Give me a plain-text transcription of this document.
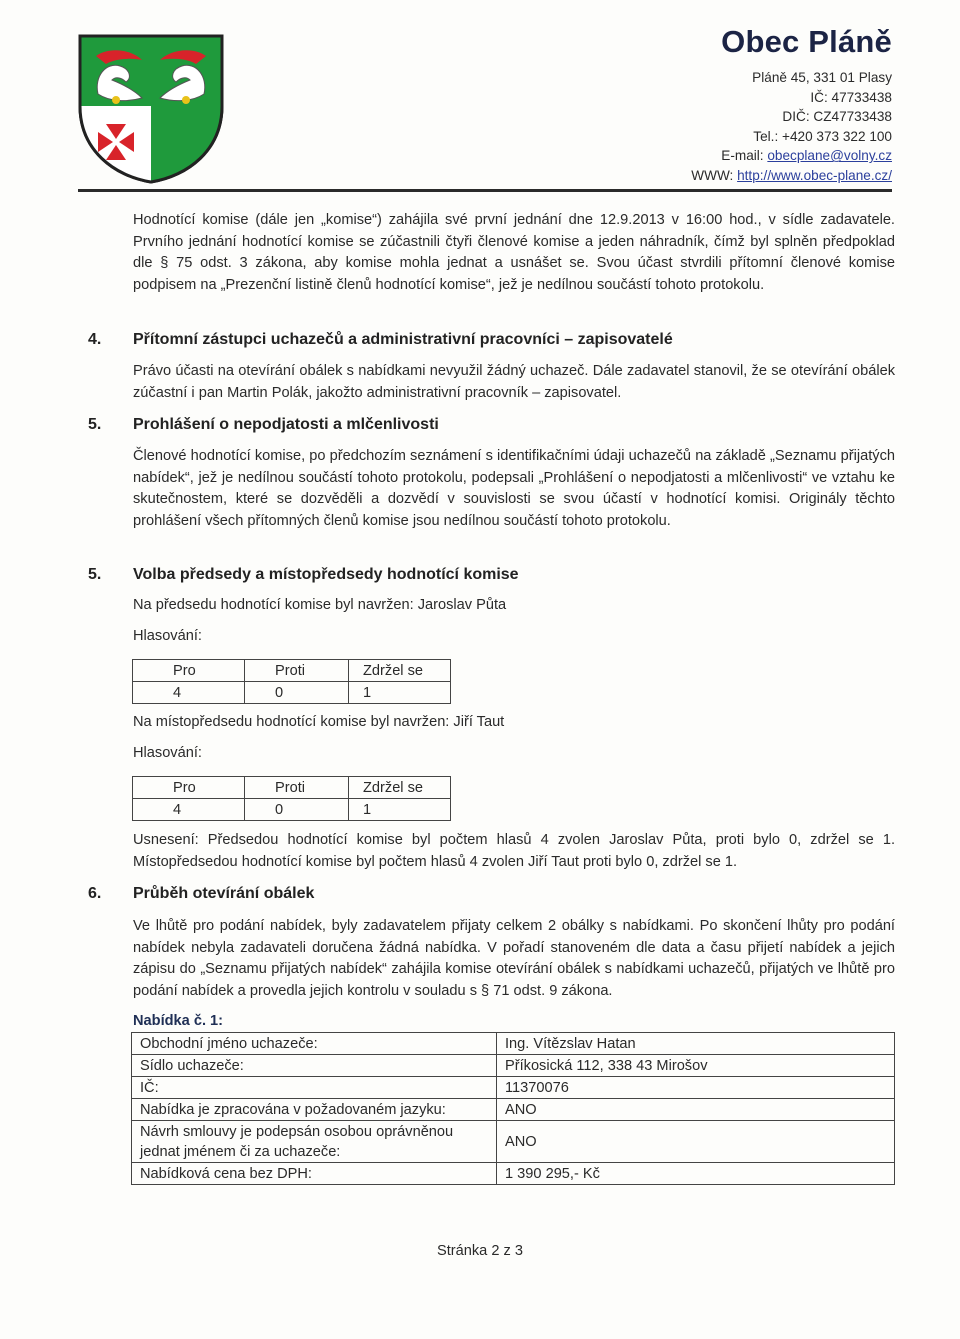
Obec Pláně
Pláně 45, 331 01 Plasy
IČ: 47733438
DIČ: CZ47733438
Tel.: +420 373 322 100
E-mail: obecplane@volny.cz
WWW: http://www.obec-plane.cz/
Hodnotící komise (dále jen „komise“) zahájila své první jednání dne 12.9.2013 v 16:00 hod., v sídle zadavatele. Prvního jednání hodnotící komise se zúčastnili čtyři členové komise a jeden náhradník, čímž byl splněn předpoklad dle § 75 odst. 3 zákona, aby komise mohla jednat a usnášet se. Svou účast stvrdili přítomní členové komise podpisem na „Prezenční listině členů hodnotící komise“, jež je nedílnou součástí tohoto protokolu.
4. Přítomní zástupci uchazečů a administrativní pracovníci – zapisovatelé
Právo účasti na otevírání obálek s nabídkami nevyužil žádný uchazeč. Dále zadavatel stanovil, že se otevírání obálek zúčastní i pan Martin Polák, jakožto administrativní pracovník – zapisovatel.
5. Prohlášení o nepodjatosti a mlčenlivosti
Členové hodnotící komise, po předchozím seznámení s identifikačními údaji uchazečů na základě „Seznamu přijatých nabídek“, jež je nedílnou součástí tohoto protokolu, podepsali „Prohlášení o nepodjatosti a mlčenlivosti“ ve vztahu ke skutečnostem, které se dozvěděli a dozvědí v souvislosti se svou účastí v hodnotící komisi. Originály těchto prohlášení všech přítomných členů komise jsou nedílnou součástí tohoto protokolu.
5. Volba předsedy a místopředsedy hodnotící komise
Na předsedu hodnotící komise byl navržen: Jaroslav Půta
Hlasování:
Pro	Proti	Zdržel se
4	0	1
Na místopředsedu hodnotící komise byl navržen: Jiří Taut
Hlasování:
Pro	Proti	Zdržel se
4	0	1
Usnesení: Předsedou hodnotící komise byl počtem hlasů 4 zvolen Jaroslav Půta, proti bylo 0, zdržel se 1. Místopředsedou hodnotící komise byl počtem hlasů 4 zvolen Jiří Taut proti bylo 0, zdržel se 1.
6. Průběh otevírání obálek
Ve lhůtě pro podání nabídek, byly zadavatelem přijaty celkem 2 obálky s nabídkami. Po skončení lhůty pro podání nabídek nebyla zadavateli doručena žádná nabídka. V pořadí stanoveném dle data a času přijetí nabídek a jejich zápisu do „Seznamu přijatých nabídek“ zahájila komise otevírání obálek s nabídkami uchazečů, přijatých ve lhůtě pro podání nabídek a provedla jejich kontrolu v souladu s § 71 odst. 9 zákona.
Nabídka č. 1:
Obchodní jméno uchazeče:	Ing. Vítězslav Hatan
Sídlo uchazeče:	Příkosická 112, 338 43 Mirošov
IČ:	11370076
Nabídka je zpracována v požadovaném jazyku:	ANO
Návrh smlouvy je podepsán osobou oprávněnou jednat jménem či za uchazeče:	ANO
Nabídková cena bez DPH:	1 390 295,- Kč
Stránka 2 z 3
